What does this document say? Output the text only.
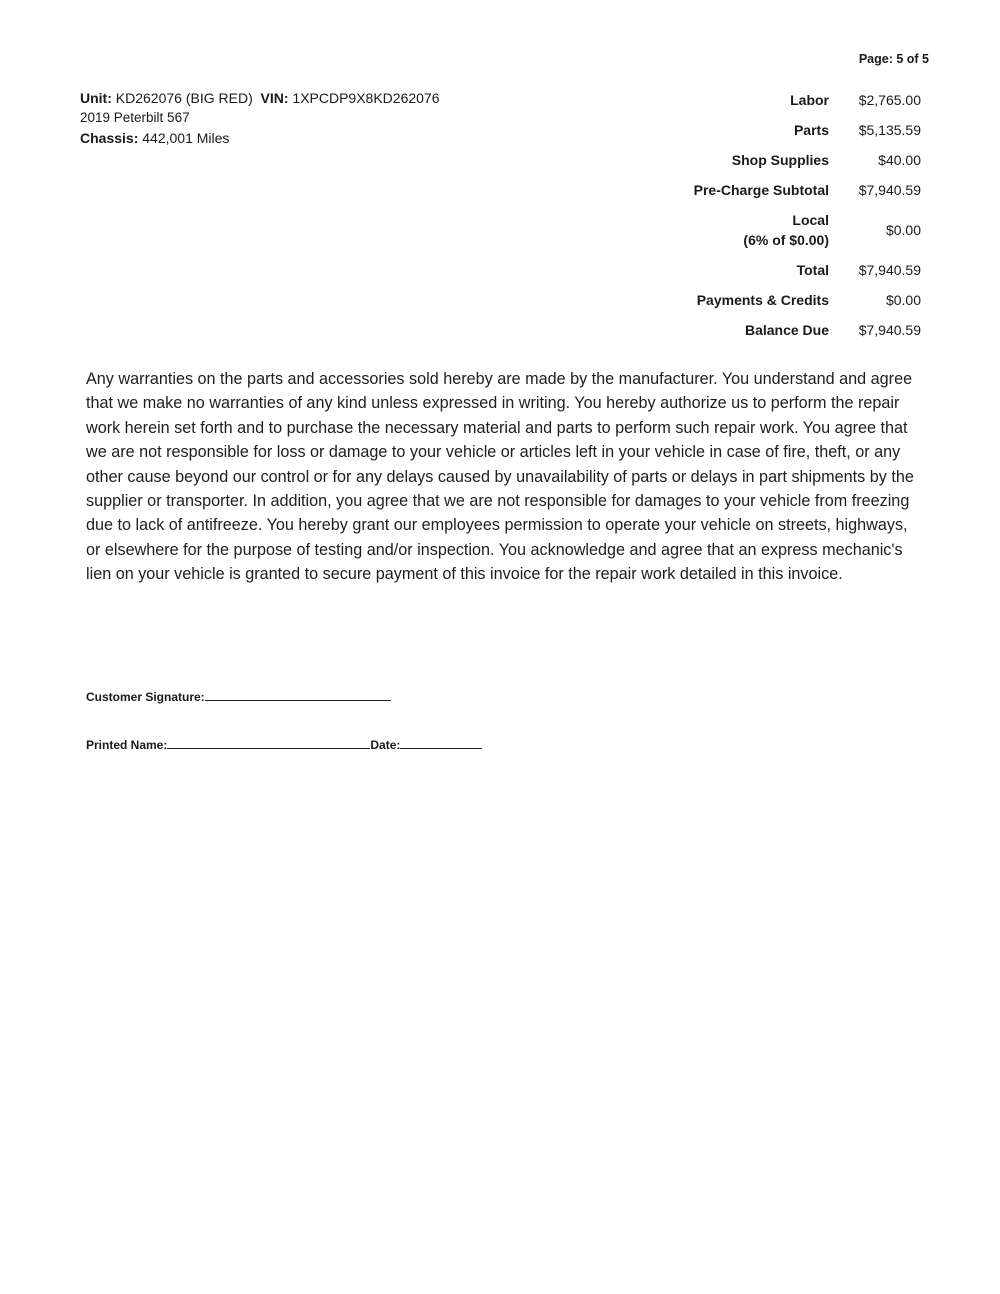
Page: 5 of 5
Unit: KD262076 (BIG RED) VIN: 1XPCDP9X8KD262076
2019 Peterbilt 567
Chassis: 442,001 Miles
Labor	$2,765.00
Parts	$5,135.59
Shop Supplies	$40.00
Pre-Charge Subtotal	$7,940.59

Local
(6% of $0.00)	$0.00
Total	$7,940.59
Payments & Credits	$0.00
Balance Due	$7,940.59
Any warranties on the parts and accessories sold hereby are made by the manufacturer. You understand and agree that we make no warranties of any kind unless expressed in writing. You hereby authorize us to perform the repair work herein set forth and to purchase the necessary material and parts to perform such repair work. You agree that we are not responsible for loss or damage to your vehicle or articles left in your vehicle in case of fire, theft, or any other cause beyond our control or for any delays caused by unavailability of parts or delays in part shipments by the supplier or transporter. In addition, you agree that we are not responsible for damages to your vehicle from freezing due to lack of antifreeze. You hereby grant our employees permission to operate your vehicle on streets, highways, or elsewhere for the purpose of testing and/or inspection. You acknowledge and agree that an express mechanic's lien on your vehicle is granted to secure payment of this invoice for the repair work detailed in this invoice.
Customer Signature:
Printed Name:	Date:
